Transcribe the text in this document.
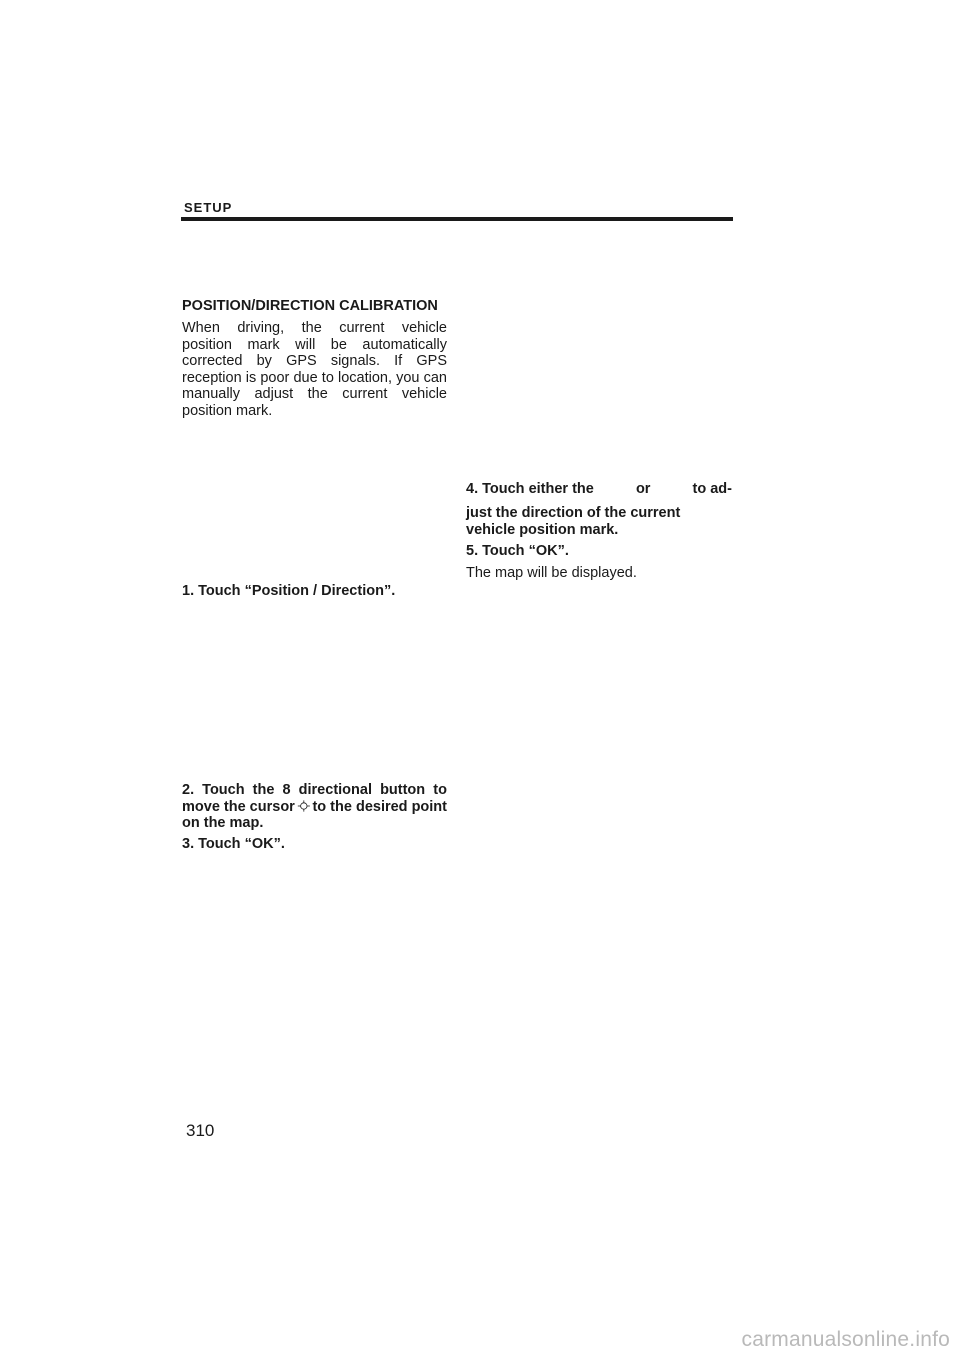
SETUP
POSITION/DIRECTION CALIBRATION
When driving, the current vehicle position mark will be automatically corrected by GPS signals. If GPS reception is poor due to location, you can manually adjust the current vehicle position mark.
1. Touch “Position / Direction”.
2. Touch the 8 directional button to
move the cursor to the desired point
on the map.
3. Touch “OK”.
4. Touch either the	or	to ad-
just the direction of the current vehicle position mark.
5. Touch “OK”.
The map will be displayed.
310
carmanualsonline.info
